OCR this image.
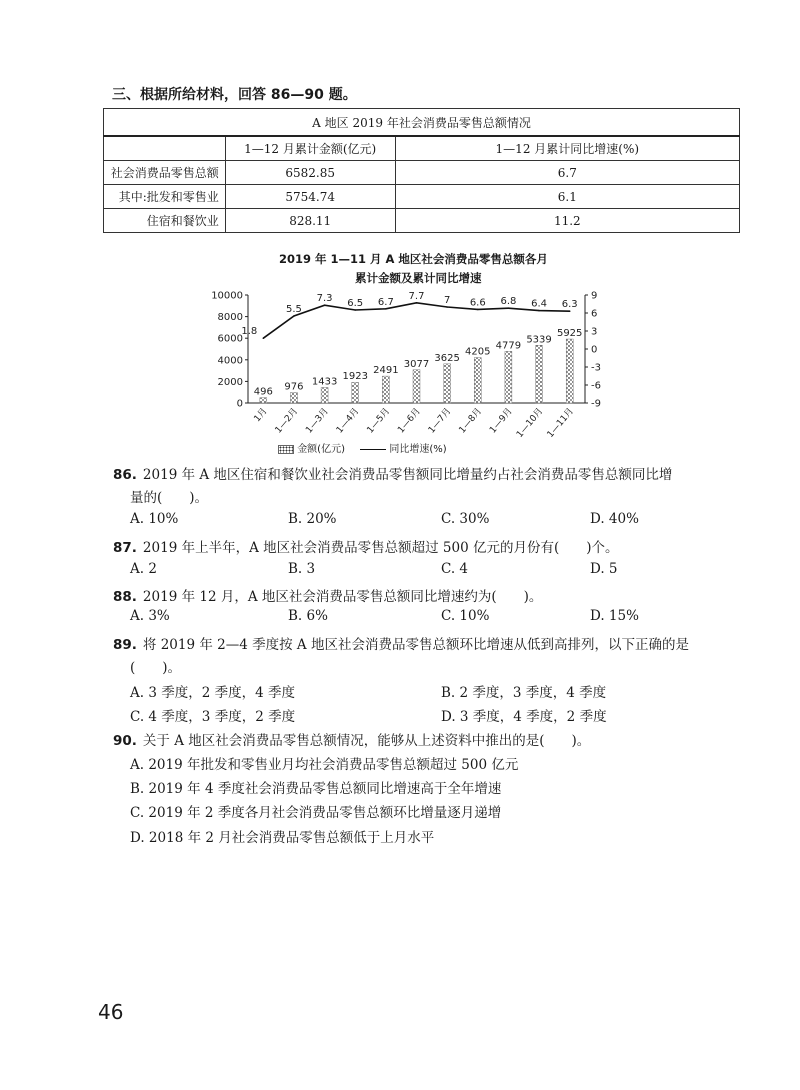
三、根据所给材料，回答 86—90 题。
A 地区 2019 年社会消费品零售总额情况		
	1—12 月累计金额(亿元)	1—12 月累计同比增速(%)
社会消费品零售总额	6582.85	6.7
其中:批发和零售业	5754.74	6.1
住宿和餐饮业	828.11	11.2
2019 年 1—11 月 A 地区社会消费品零售总额各月
累计金额及累计同比增速
0
2000
4000
6000
8000
10000
-9
-6
-3
0
3
6
9
1月 1—2月 1—3月 1—4月 1—5月 1—6月 1—7月 1—8月 1—9月 1—10月 1—11月
496 976 1433 1923
2491
3077
3625
4205
4779
5339
5925
1.8
5.5
7.3 6.5 6.7
7.7 7 6.6 6.8 6.4 6.3
金额(亿元)	同比增速(%)
86. 2019 年 A 地区住宿和餐饮业社会消费品零售额同比增量约占社会消费品零售总额同比增
量的(　　)。
A. 10%	B. 20%	C. 30%	D. 40%
87. 2019 年上半年，A 地区社会消费品零售总额超过 500 亿元的月份有(　　)个。
A. 2	B. 3	C. 4	D. 5
88. 2019 年 12 月，A 地区社会消费品零售总额同比增速约为(　　)。
A. 3%	B. 6%	C. 10%	D. 15%
89. 将 2019 年 2—4 季度按 A 地区社会消费品零售总额环比增速从低到高排列，以下正确的是
(　　)。
A. 3 季度，2 季度，4 季度	B. 2 季度，3 季度，4 季度
C. 4 季度，3 季度，2 季度	D. 3 季度，4 季度，2 季度
90. 关于 A 地区社会消费品零售总额情况，能够从上述资料中推出的是(　　)。
A. 2019 年批发和零售业月均社会消费品零售总额超过 500 亿元
B. 2019 年 4 季度社会消费品零售总额同比增速高于全年增速
C. 2019 年 2 季度各月社会消费品零售总额环比增量逐月递增
D. 2018 年 2 月社会消费品零售总额低于上月水平
46
